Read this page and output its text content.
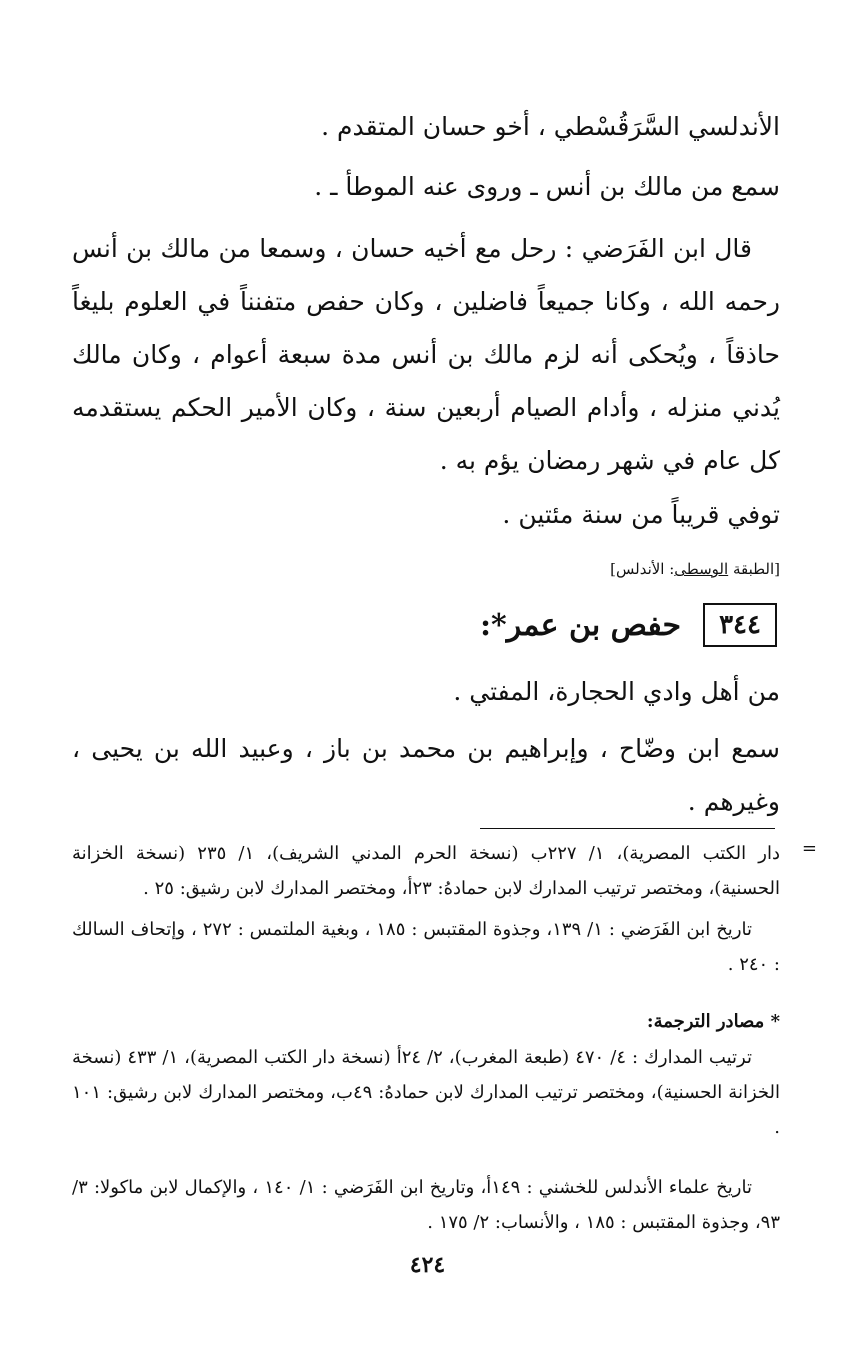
الأندلسي السَّرَقُسْطي ، أخو حسان المتقدم .
سمع من مالك بن أنس ـ وروى عنه الموطأ ـ .
قال ابن الفَرَضي : رحل مع أخيه حسان ، وسمعا من مالك بن أنس رحمه الله ، وكانا جميعاً فاضلين ، وكان حفص متفنناً في العلوم بليغاً حاذقاً ، ويُحكى أنه لزم مالك بن أنس مدة سبعة أعوام ، وكان مالك يُدني منزله ، وأدام الصيام أربعين سنة ، وكان الأمير الحكم يستقدمه كل عام في شهر رمضان يؤم به .
توفي قريباً من سنة مئتين .
[الطبقة الوسطى: الأندلس]
٣٤٤
حفص بن عمر*:
من أهل وادي الحجارة، المفتي .
سمع ابن وضّاح ، وإبراهيم بن محمد بن باز ، وعبيد الله بن يحيى ، وغيرهم .
=
دار الكتب المصرية)، ١/ ٢٢٧ب (نسخة الحرم المدني الشريف)، ١/ ٢٣٥ (نسخة الخزانة الحسنية)، ومختصر ترتيب المدارك لابن حمادهُ: ٢٣أ، ومختصر المدارك لابن رشيق: ٢٥ .
تاريخ ابن الفَرَضي : ١/ ١٣٩، وجذوة المقتبس : ١٨٥ ، وبغية الملتمس : ٢٧٢ ، وإتحاف السالك : ٢٤٠ .
* مصادر الترجمة:
ترتيب المدارك : ٤/ ٤٧٠ (طبعة المغرب)، ٢/ ٢٤أ (نسخة دار الكتب المصرية)، ١/ ٤٣٣ (نسخة الخزانة الحسنية)، ومختصر ترتيب المدارك لابن حمادهُ: ٤٩ب، ومختصر المدارك لابن رشيق: ١٠١ .
تاريخ علماء الأندلس للخشني : ١٤٩أ، وتاريخ ابن الفَرَضي : ١/ ١٤٠ ، والإكمال لابن ماكولا: ٣/ ٩٣، وجذوة المقتبس : ١٨٥ ، والأنساب: ٢/ ١٧٥ .
٤٢٤
